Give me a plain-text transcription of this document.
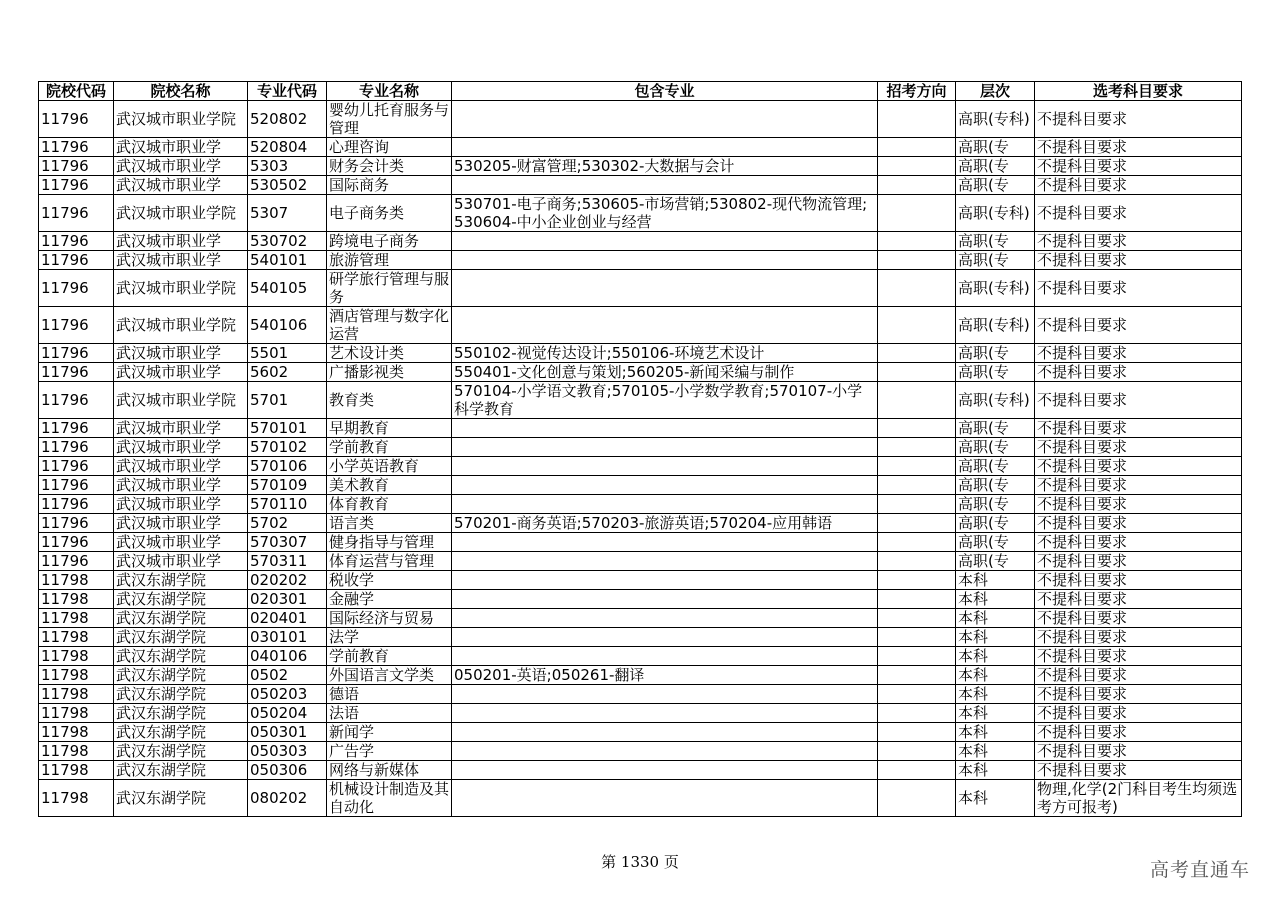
院校代码	院校名称	专业代码	专业名称	包含专业	招考方向	层次	选考科目要求
11796	武汉城市职业学院	520802	婴幼儿托育服务与管理			高职(专科)	不提科目要求
11796	武汉城市职业学	520804	心理咨询			高职(专	不提科目要求
11796	武汉城市职业学	5303	财务会计类	530205-财富管理;530302-大数据与会计		高职(专	不提科目要求
11796	武汉城市职业学	530502	国际商务			高职(专	不提科目要求
11796	武汉城市职业学院	5307	电子商务类	530701-电子商务;530605-市场营销;530802-现代物流管理;530604-中小企业创业与经营		高职(专科)	不提科目要求
11796	武汉城市职业学	530702	跨境电子商务			高职(专	不提科目要求
11796	武汉城市职业学	540101	旅游管理			高职(专	不提科目要求
11796	武汉城市职业学院	540105	研学旅行管理与服务			高职(专科)	不提科目要求
11796	武汉城市职业学院	540106	酒店管理与数字化运营			高职(专科)	不提科目要求
11796	武汉城市职业学	5501	艺术设计类	550102-视觉传达设计;550106-环境艺术设计		高职(专	不提科目要求
11796	武汉城市职业学	5602	广播影视类	550401-文化创意与策划;560205-新闻采编与制作		高职(专	不提科目要求
11796	武汉城市职业学院	5701	教育类	570104-小学语文教育;570105-小学数学教育;570107-小学科学教育		高职(专科)	不提科目要求
11796	武汉城市职业学	570101	早期教育			高职(专	不提科目要求
11796	武汉城市职业学	570102	学前教育			高职(专	不提科目要求
11796	武汉城市职业学	570106	小学英语教育			高职(专	不提科目要求
11796	武汉城市职业学	570109	美术教育			高职(专	不提科目要求
11796	武汉城市职业学	570110	体育教育			高职(专	不提科目要求
11796	武汉城市职业学	5702	语言类	570201-商务英语;570203-旅游英语;570204-应用韩语		高职(专	不提科目要求
11796	武汉城市职业学	570307	健身指导与管理			高职(专	不提科目要求
11796	武汉城市职业学	570311	体育运营与管理			高职(专	不提科目要求
11798	武汉东湖学院	020202	税收学			本科	不提科目要求
11798	武汉东湖学院	020301	金融学			本科	不提科目要求
11798	武汉东湖学院	020401	国际经济与贸易			本科	不提科目要求
11798	武汉东湖学院	030101	法学			本科	不提科目要求
11798	武汉东湖学院	040106	学前教育			本科	不提科目要求
11798	武汉东湖学院	0502	外国语言文学类	050201-英语;050261-翻译		本科	不提科目要求
11798	武汉东湖学院	050203	德语			本科	不提科目要求
11798	武汉东湖学院	050204	法语			本科	不提科目要求
11798	武汉东湖学院	050301	新闻学			本科	不提科目要求
11798	武汉东湖学院	050303	广告学			本科	不提科目要求
11798	武汉东湖学院	050306	网络与新媒体			本科	不提科目要求
11798	武汉东湖学院	080202	机械设计制造及其自动化			本科	物理,化学(2门科目考生均须选考方可报考)
第 1330 页	高考直通车
